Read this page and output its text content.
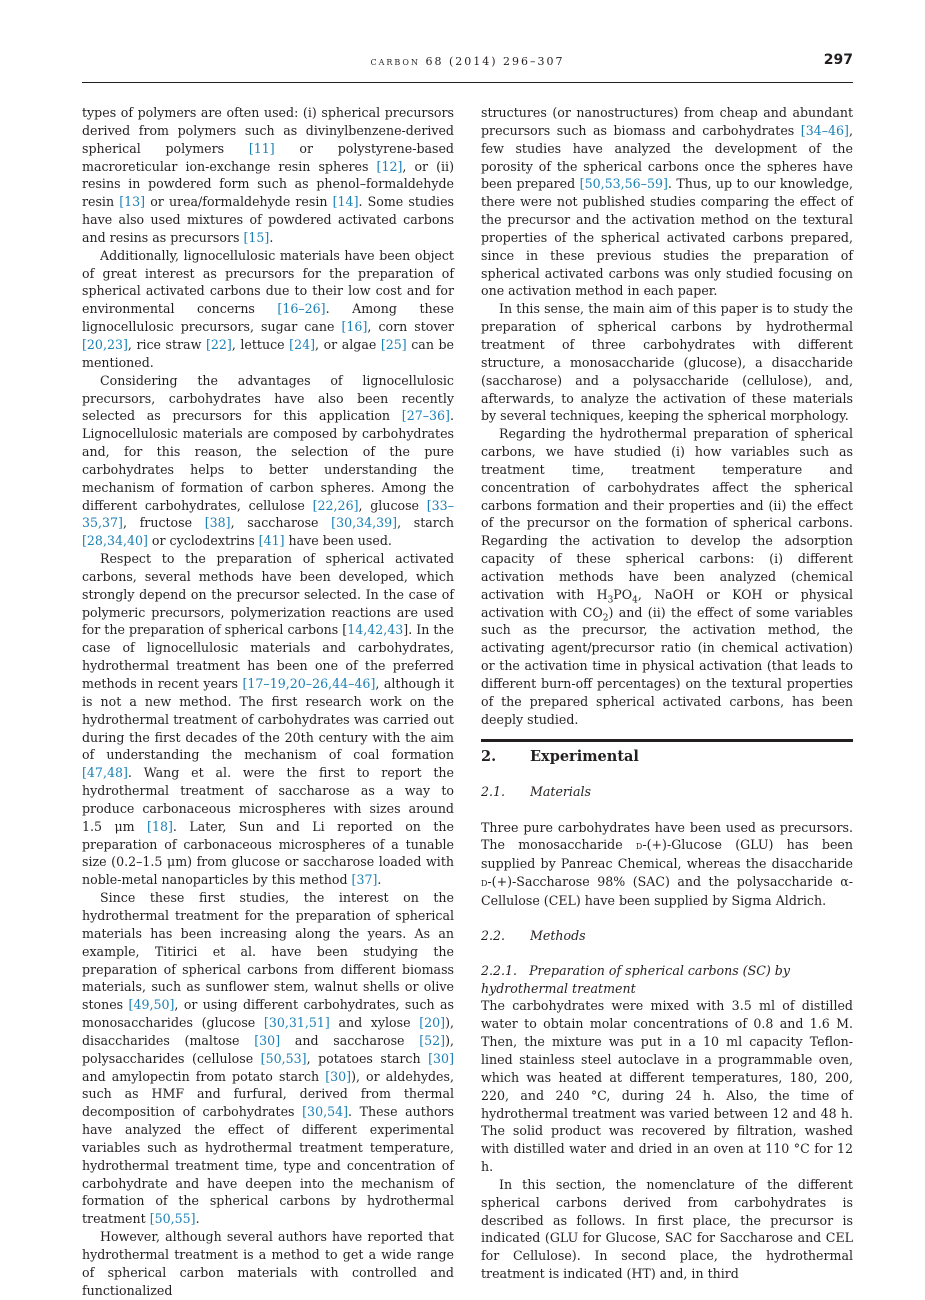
carbon 68 (2014) 296–307	297

types of polymers are often used: (i) spherical precursors derived from polymers such as divinylbenzene-derived spherical polymers [11] or polystyrene-based macroreticular ion-exchange resin spheres [12], or (ii) resins in powdered form such as phenol–formaldehyde resin [13] or urea/formaldehyde resin [14]. Some studies have also used mixtures of powdered activated carbons and resins as precursors [15].

Additionally, lignocellulosic materials have been object of great interest as precursors for the preparation of spherical activated carbons due to their low cost and for environmental concerns [16–26]. Among these lignocellulosic precursors, sugar cane [16], corn stover [20,23], rice straw [22], lettuce [24], or algae [25] can be mentioned.

Considering the advantages of lignocellulosic precursors, carbohydrates have also been recently selected as precursors for this application [27–36]. Lignocellulosic materials are composed by carbohydrates and, for this reason, the selection of the pure carbohydrates helps to better understanding the mechanism of formation of carbon spheres. Among the different carbohydrates, cellulose [22,26], glucose [33–35,37], fructose [38], saccharose [30,34,39], starch [28,34,40] or cyclodextrins [41] have been used.

Respect to the preparation of spherical activated carbons, several methods have been developed, which strongly depend on the precursor selected. In the case of polymeric precursors, polymerization reactions are used for the preparation of spherical carbons [14,42,43]. In the case of lignocellulosic materials and carbohydrates, hydrothermal treatment has been one of the preferred methods in recent years [17–19,20–26,44–46], although it is not a new method. The first research work on the hydrothermal treatment of carbohydrates was carried out during the first decades of the 20th century with the aim of understanding the mechanism of coal formation [47,48]. Wang et al. were the first to report the hydrothermal treatment of saccharose as a way to produce carbonaceous microspheres with sizes around 1.5 μm [18]. Later, Sun and Li reported on the preparation of carbonaceous microspheres of a tunable size (0.2–1.5 μm) from glucose or saccharose loaded with noble-metal nanoparticles by this method [37].

Since these first studies, the interest on the hydrothermal treatment for the preparation of spherical materials has been increasing along the years. As an example, Titirici et al. have been studying the preparation of spherical carbons from different biomass materials, such as sunflower stem, walnut shells or olive stones [49,50], or using different carbohydrates, such as monosaccharides (glucose [30,31,51] and xylose [20]), disaccharides (maltose [30] and saccharose [52]), polysaccharides (cellulose [50,53], potatoes starch [30] and amylopectin from potato starch [30]), or aldehydes, such as HMF and furfural, derived from thermal decomposition of carbohydrates [30,54]. These authors have analyzed the effect of different experimental variables such as hydrothermal treatment temperature, hydrothermal treatment time, type and concentration of carbohydrate and have deepen into the mechanism of formation of the spherical carbons by hydrothermal treatment [50,55].

However, although several authors have reported that hydrothermal treatment is a method to get a wide range of spherical carbon materials with controlled and functionalized

structures (or nanostructures) from cheap and abundant precursors such as biomass and carbohydrates [34–46], few studies have analyzed the development of the porosity of the spherical carbons once the spheres have been prepared [50,53,56–59]. Thus, up to our knowledge, there were not published studies comparing the effect of the precursor and the activation method on the textural properties of the spherical activated carbons prepared, since in these previous studies the preparation of spherical activated carbons was only studied focusing on one activation method in each paper.

In this sense, the main aim of this paper is to study the preparation of spherical carbons by hydrothermal treatment of three carbohydrates with different structure, a monosaccharide (glucose), a disaccharide (saccharose) and a polysaccharide (cellulose), and, afterwards, to analyze the activation of these materials by several techniques, keeping the spherical morphology.

Regarding the hydrothermal preparation of spherical carbons, we have studied (i) how variables such as treatment time, treatment temperature and concentration of carbohydrates affect the spherical carbons formation and their properties and (ii) the effect of the precursor on the formation of spherical carbons. Regarding the activation to develop the adsorption capacity of these spherical carbons: (i) different activation methods have been analyzed (chemical activation with $H_3PO_4$, NaOH or KOH or physical activation with $CO_2$) and (ii) the effect of some variables such as the precursor, the activation method, the activating agent/precursor ratio (in chemical activation) or the activation time in physical activation (that leads to different burn-off percentages) on the textural properties of the prepared spherical activated carbons, has been deeply studied.

2. Experimental
2.1. Materials

Three pure carbohydrates have been used as precursors. The monosaccharide d-(+)-Glucose (GLU) has been supplied by Panreac Chemical, whereas the disaccharide d-(+)-Saccharose 98% (SAC) and the polysaccharide α-Cellulose (CEL) have been supplied by Sigma Aldrich.

2.2. Methods
2.2.1. Preparation of spherical carbons (SC) by hydrothermal treatment

The carbohydrates were mixed with 3.5 ml of distilled water to obtain molar concentrations of 0.8 and 1.6 M. Then, the mixture was put in a 10 ml capacity Teflon-lined stainless steel autoclave in a programmable oven, which was heated at different temperatures, 180, 200, 220, and 240 °C, during 24 h. Also, the time of hydrothermal treatment was varied between 12 and 48 h. The solid product was recovered by filtration, washed with distilled water and dried in an oven at 110 °C for 12 h.

In this section, the nomenclature of the different spherical carbons derived from carbohydrates is described as follows. In first place, the precursor is indicated (GLU for Glucose, SAC for Saccharose and CEL for Cellulose). In second place, the hydrothermal treatment is indicated (HT) and, in third
